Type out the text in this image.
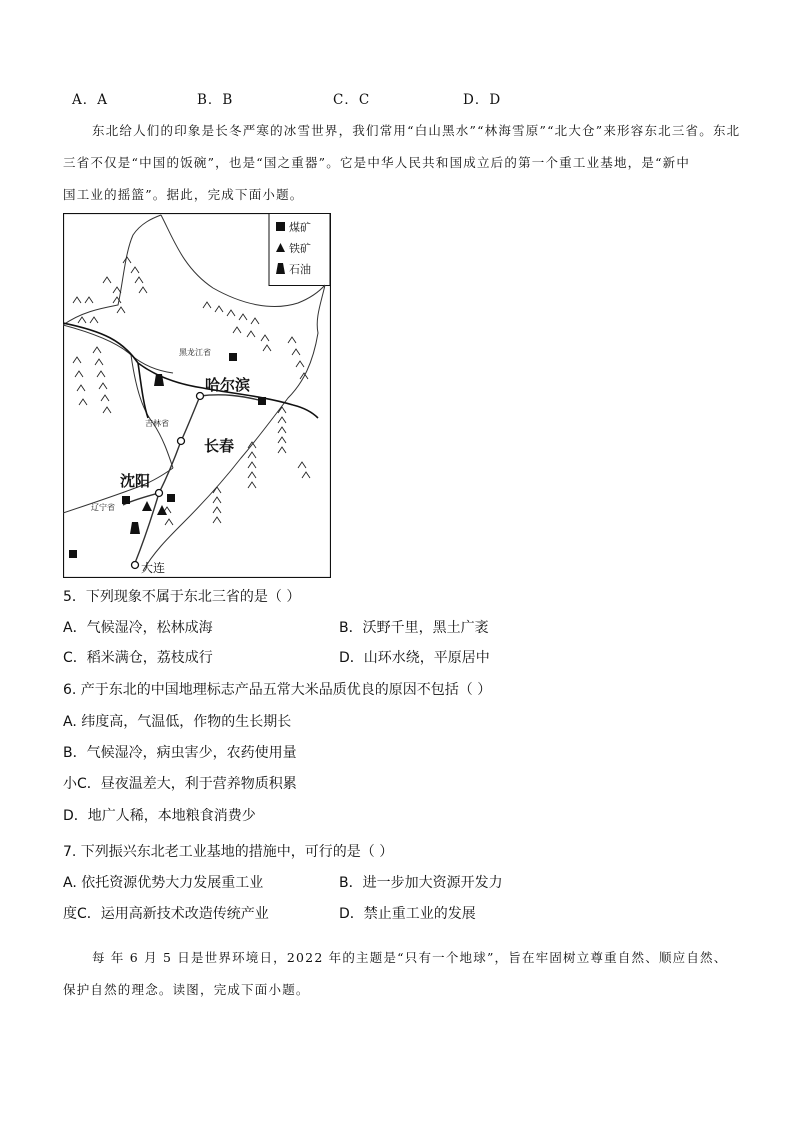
A．A	B．B	C．C	D．D
东北给人们的印象是长冬严寒的冰雪世界，我们常用“白山黑水”“林海雪原”“北大仓”来形容东北三省。东北
三省不仅是“中国的饭碗”，也是“国之重器”。它是中华人民共和国成立后的第一个重工业基地，是“新中
国工业的摇篮”。据此，完成下面小题。
煤矿
铁矿
石油
黑龙江省
吉林省
辽宁省
哈尔滨
长春
沈阳
大连
5．下列现象不属于东北三省的是（ ）
A．气候湿冷，松林成海	B．沃野千里，黑土广袤
C．稻米满仓，荔枝成行	D．山环水绕，平原居中
6. 产于东北的中国地理标志产品五常大米品质优良的原因不包括（ ）
A. 纬度高，气温低，作物的生长期长
B．气候湿冷，病虫害少，农药使用量
小C．昼夜温差大，利于营养物质积累
D．地广人稀，本地粮食消费少
7. 下列振兴东北老工业基地的措施中，可行的是（ ）
A. 依托资源优势大力发展重工业	B．进一步加大资源开发力
度C．运用高新技术改造传统产业	D．禁止重工业的发展
每 年 6 月 5 日是世界环境日，2022 年的主题是“只有一个地球”，旨在牢固树立尊重自然、顺应自然、
保护自然的理念。读图，完成下面小题。
